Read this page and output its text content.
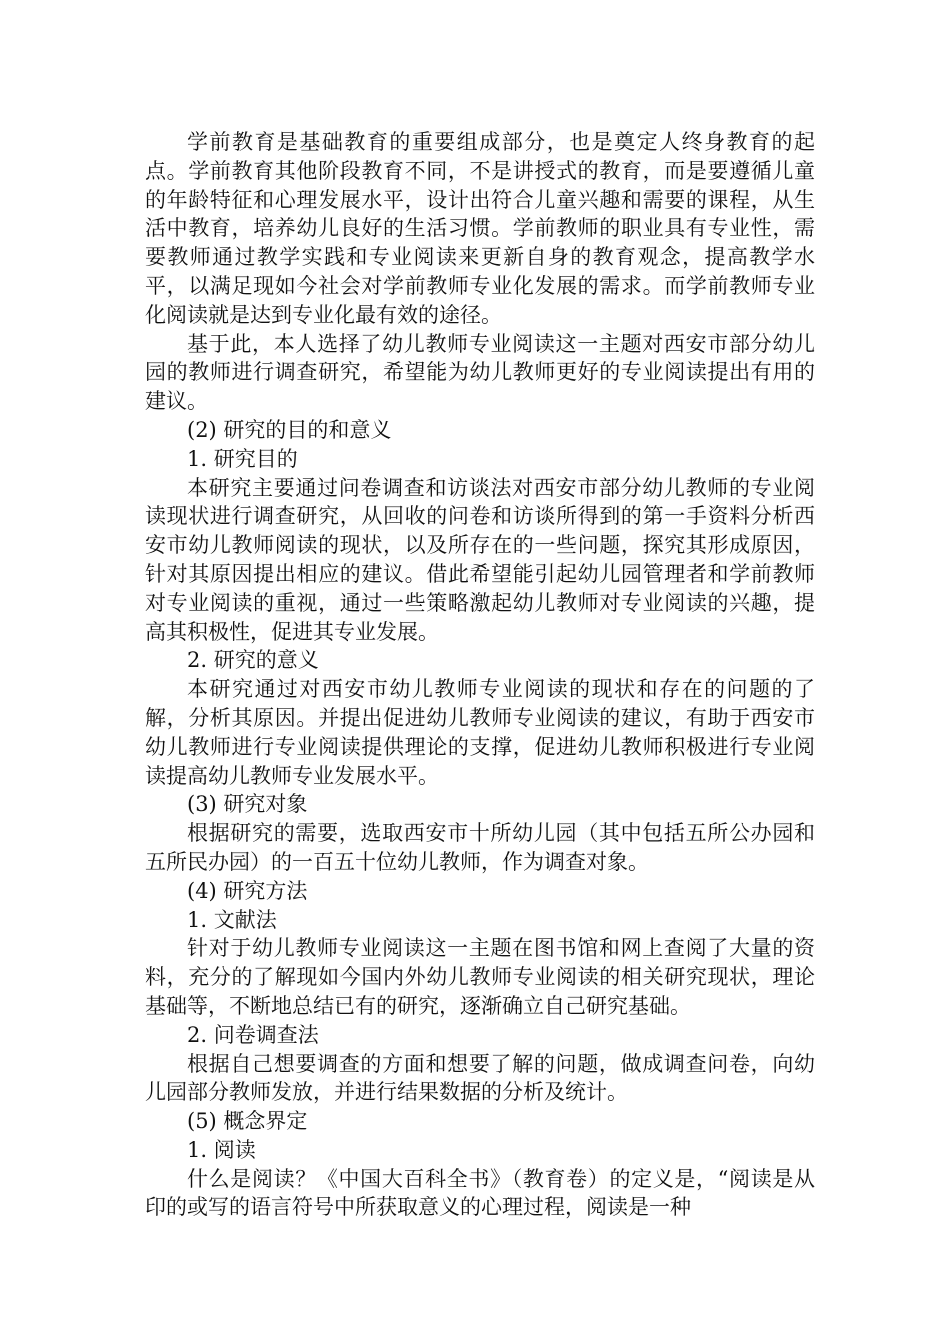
学前教育是基础教育的重要组成部分，也是奠定人终身教育的起点。学前教育其他阶段教育不同，不是讲授式的教育，而是要遵循儿童的年龄特征和心理发展水平，设计出符合儿童兴趣和需要的课程，从生活中教育，培养幼儿良好的生活习惯。学前教师的职业具有专业性，需要教师通过教学实践和专业阅读来更新自身的教育观念，提高教学水平，以满足现如今社会对学前教师专业化发展的需求。而学前教师专业化阅读就是达到专业化最有效的途径。

基于此，本人选择了幼儿教师专业阅读这一主题对西安市部分幼儿园的教师进行调查研究，希望能为幼儿教师更好的专业阅读提出有用的建议。

(2) 研究的目的和意义

1. 研究目的

本研究主要通过问卷调查和访谈法对西安市部分幼儿教师的专业阅读现状进行调查研究，从回收的问卷和访谈所得到的第一手资料分析西安市幼儿教师阅读的现状，以及所存在的一些问题，探究其形成原因，针对其原因提出相应的建议。借此希望能引起幼儿园管理者和学前教师对专业阅读的重视，通过一些策略激起幼儿教师对专业阅读的兴趣，提高其积极性，促进其专业发展。

2. 研究的意义

本研究通过对西安市幼儿教师专业阅读的现状和存在的问题的了解，分析其原因。并提出促进幼儿教师专业阅读的建议，有助于西安市幼儿教师进行专业阅读提供理论的支撑，促进幼儿教师积极进行专业阅读提高幼儿教师专业发展水平。

(3) 研究对象

根据研究的需要，选取西安市十所幼儿园（其中包括五所公办园和五所民办园）的一百五十位幼儿教师，作为调查对象。

(4) 研究方法

1. 文献法

针对于幼儿教师专业阅读这一主题在图书馆和网上查阅了大量的资料，充分的了解现如今国内外幼儿教师专业阅读的相关研究现状，理论基础等，不断地总结已有的研究，逐渐确立自己研究基础。

2. 问卷调查法

根据自己想要调查的方面和想要了解的问题，做成调查问卷，向幼儿园部分教师发放，并进行结果数据的分析及统计。

(5) 概念界定

1. 阅读

什么是阅读？《中国大百科全书》（教育卷）的定义是，“阅读是从印的或写的语言符号中所获取意义的心理过程，阅读是一种
